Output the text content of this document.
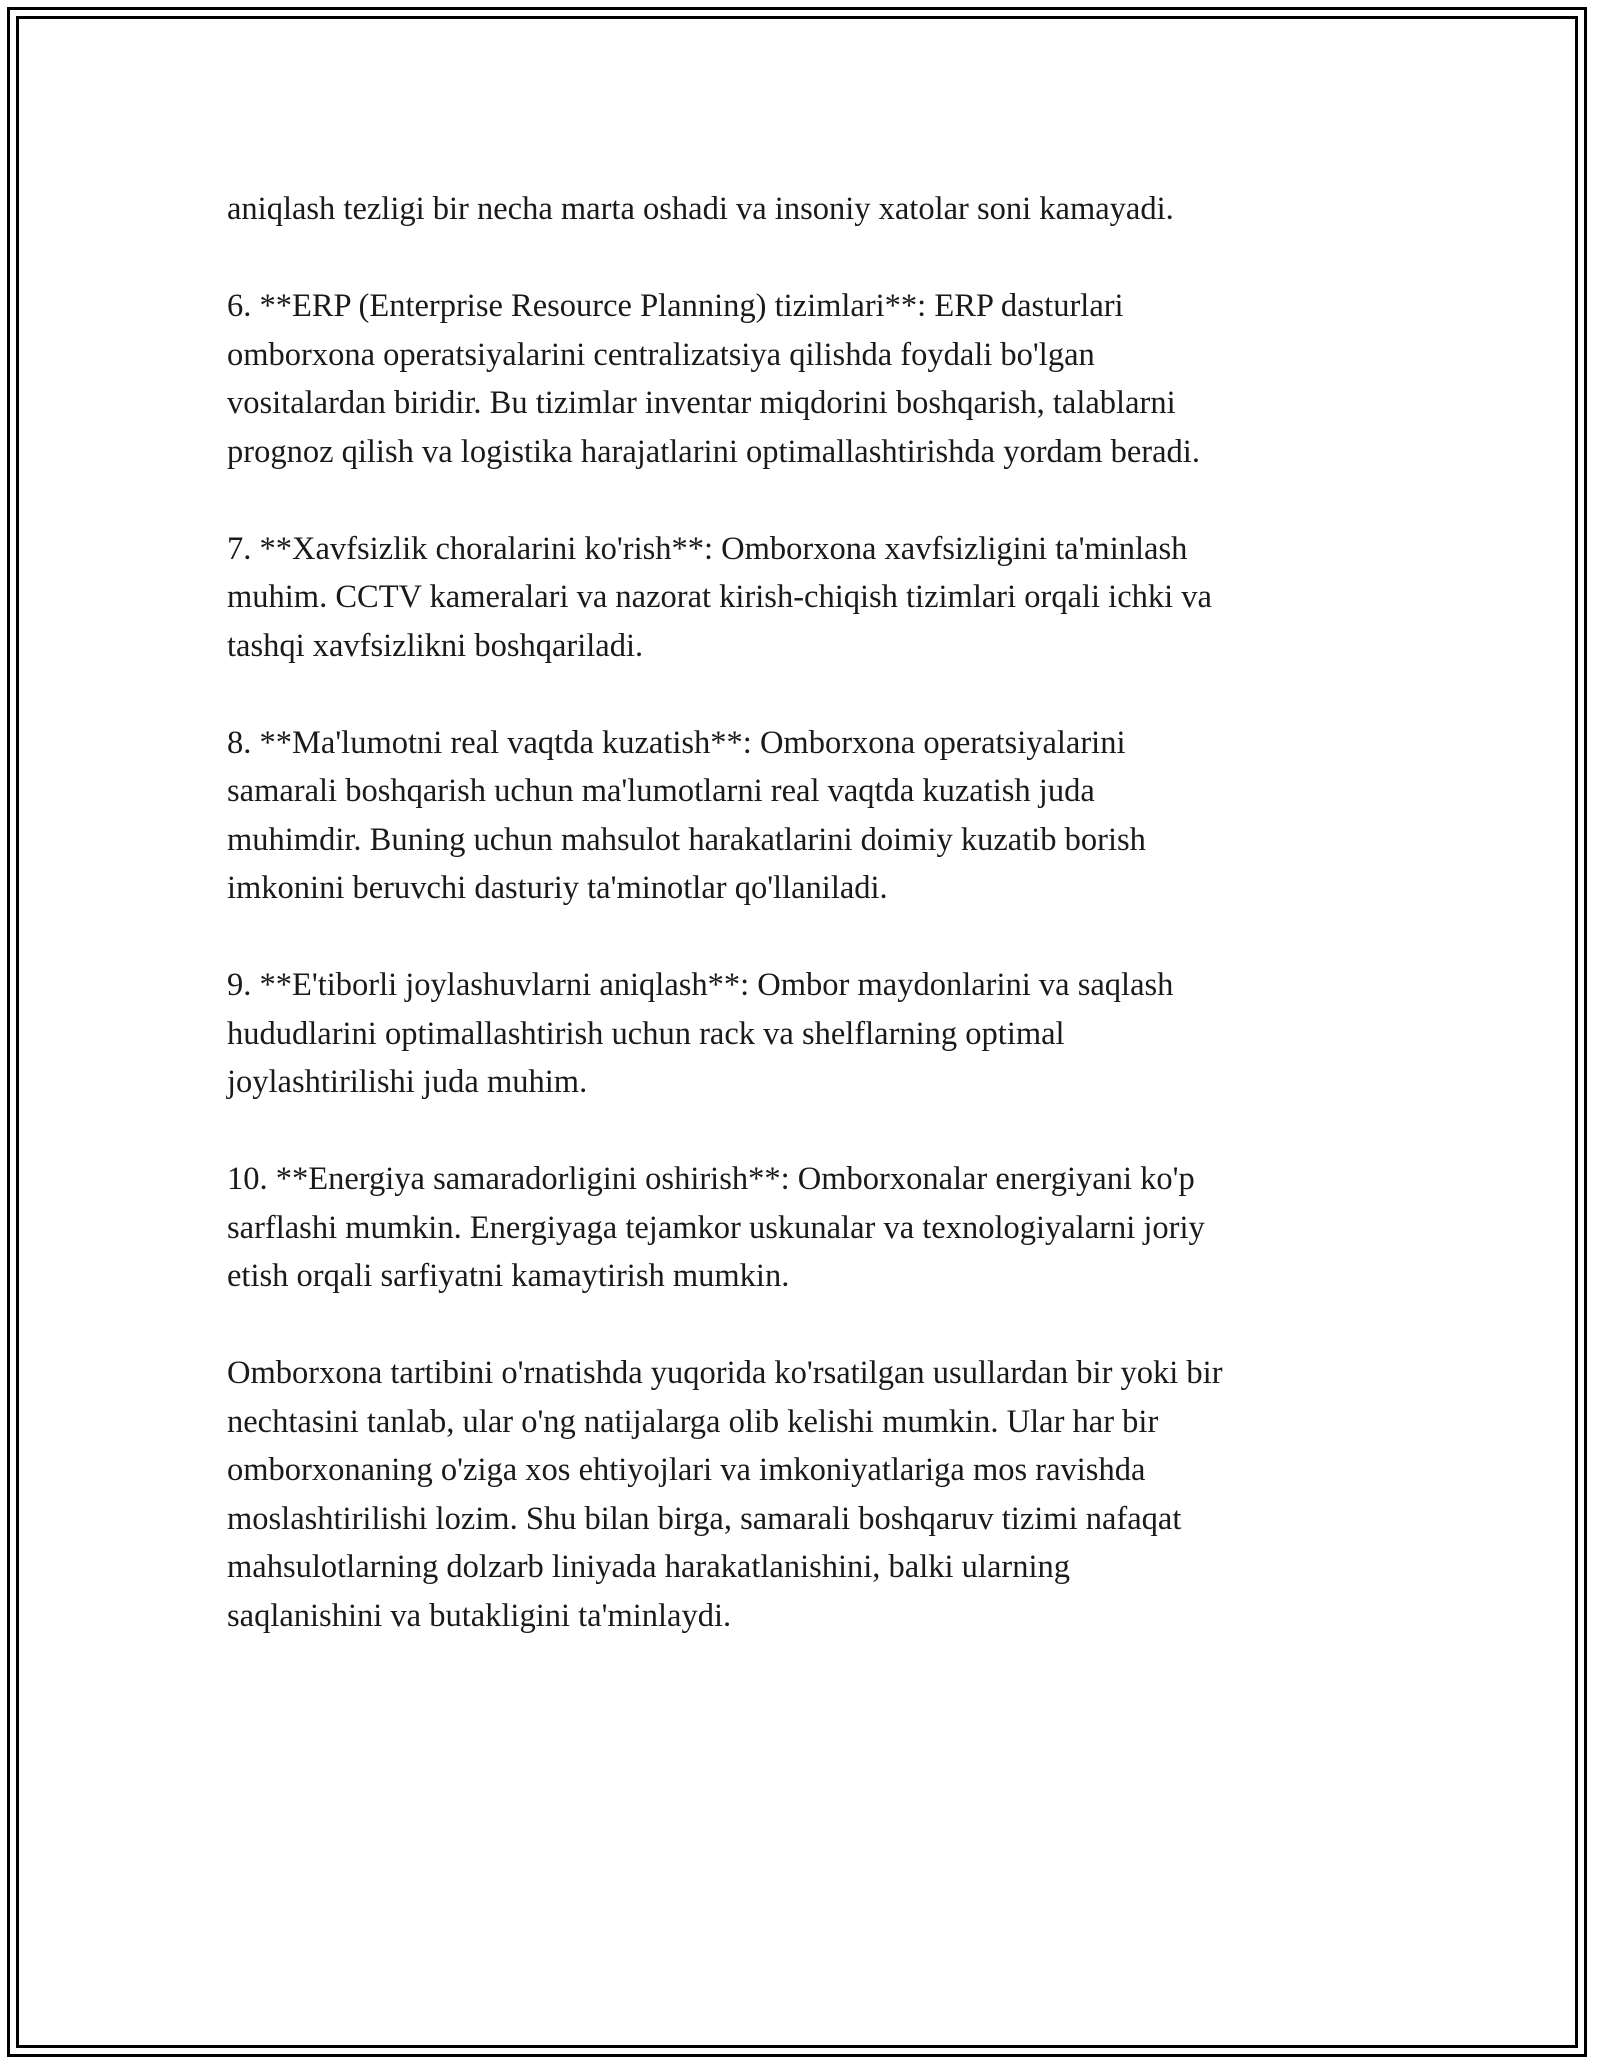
aniqlash tezligi bir necha marta oshadi va insoniy xatolar soni kamayadi.

6. **ERP (Enterprise Resource Planning) tizimlari**: ERP dasturlari
omborxona operatsiyalarini centralizatsiya qilishda foydali bo'lgan
vositalardan biridir. Bu tizimlar inventar miqdorini boshqarish, talablarni
prognoz qilish va logistika harajatlarini optimallashtirishda yordam beradi.

7. **Xavfsizlik choralarini ko'rish**: Omborxona xavfsizligini ta'minlash
muhim. CCTV kameralari va nazorat kirish-chiqish tizimlari orqali ichki va
tashqi xavfsizlikni boshqariladi.

8. **Ma'lumotni real vaqtda kuzatish**: Omborxona operatsiyalarini
samarali boshqarish uchun ma'lumotlarni real vaqtda kuzatish juda
muhimdir. Buning uchun mahsulot harakatlarini doimiy kuzatib borish
imkonini beruvchi dasturiy ta'minotlar qo'llaniladi.

9. **E'tiborli joylashuvlarni aniqlash**: Ombor maydonlarini va saqlash
hududlarini optimallashtirish uchun rack va shelflarning optimal
joylashtirilishi juda muhim.

10. **Energiya samaradorligini oshirish**: Omborxonalar energiyani ko'p
sarflashi mumkin. Energiyaga tejamkor uskunalar va texnologiyalarni joriy
etish orqali sarfiyatni kamaytirish mumkin.

Omborxona tartibini o'rnatishda yuqorida ko'rsatilgan usullardan bir yoki bir
nechtasini tanlab, ular o'ng natijalarga olib kelishi mumkin. Ular har bir
omborxonaning o'ziga xos ehtiyojlari va imkoniyatlariga mos ravishda
moslashtirilishi lozim. Shu bilan birga, samarali boshqaruv tizimi nafaqat
mahsulotlarning dolzarb liniyada harakatlanishini, balki ularning
saqlanishini va butakligini ta'minlaydi.
